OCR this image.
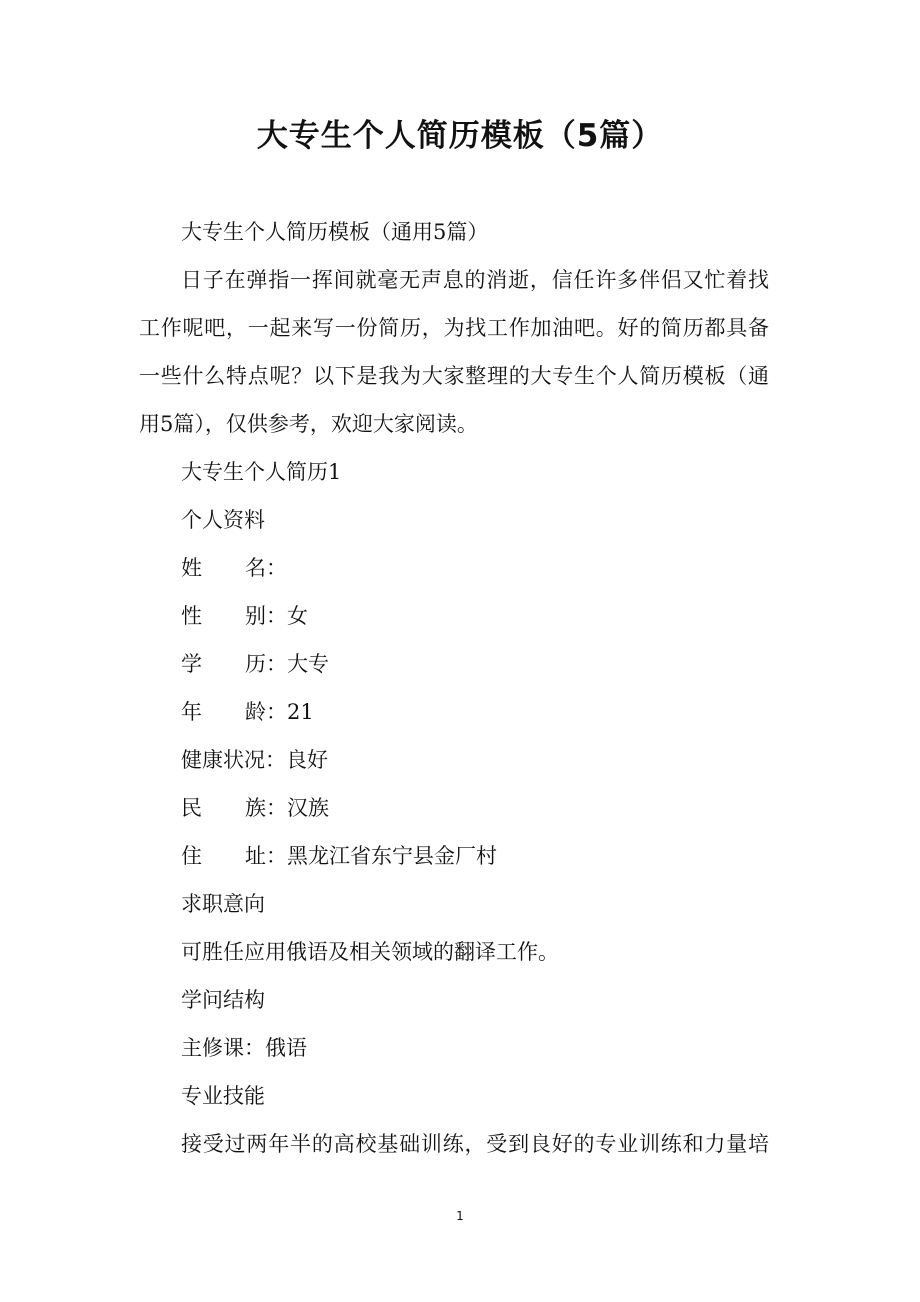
大专生个人简历模板（5篇）

大专生个人简历模板（通用5篇）

日子在弹指一挥间就毫无声息的消逝，信任许多伴侣又忙着找
工作呢吧，一起来写一份简历，为找工作加油吧。好的简历都具备
一些什么特点呢？以下是我为大家整理的大专生个人简历模板（通
用5篇），仅供参考，欢迎大家阅读。

大专生个人简历1

个人资料

姓 名：

性 别：女

学 历：大专

年 龄：21

健康状况：良好

民 族：汉族

住 址：黑龙江省东宁县金厂村

求职意向

可胜任应用俄语及相关领域的翻译工作。

学问结构

主修课：俄语

专业技能

接受过两年半的高校基础训练，受到良好的专业训练和力量培
1
